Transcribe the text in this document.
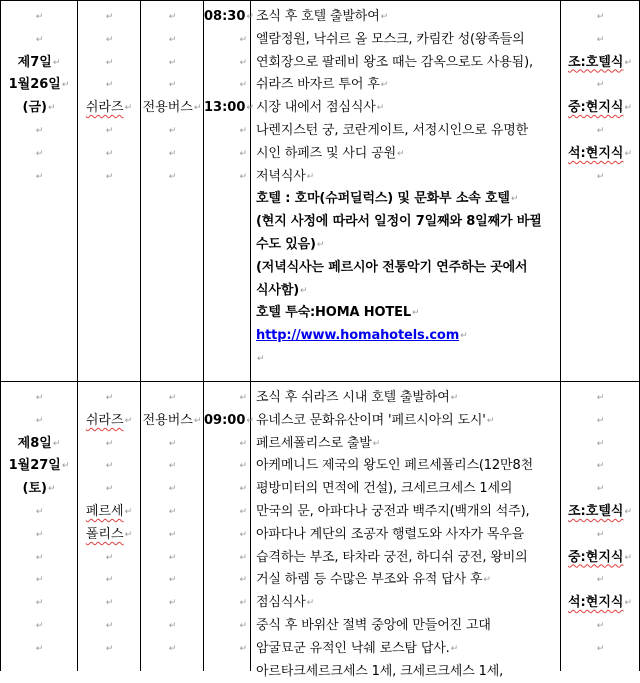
↵
↵
제7일↵
1월26일↵
(금)↵
↵
↵
↵
↵
↵
↵
↵
쉬라즈↵
↵
↵
↵
↵
↵
↵
↵
전용버스↵
↵
↵
↵
08:30↵
↵
↵
↵
13:00↵
↵
↵
↵
조식 후 호텔 출발하여↵
엘람정원, 낙쉬르 올 모스크, 카림칸 성(왕족들의
연회장으로 팔레비 왕조 때는 감옥으로도 사용됨),
쉬라즈 바자르 투어 후↵
시장 내에서 점심식사↵
나렌지스턴 궁, 코란게이트, 서정시인으로 유명한
시인 하페즈 및 사디 공원↵
저녁식사↵
호텔 : 호마(슈퍼딜럭스) 및 문화부 소속 호텔↵
(현지 사정에 따라서 일정이 7일째와 8일째가 바뀔
수도 있음)↵
(저녁식사는 페르시아 전통악기 연주하는 곳에서
식사함)↵
호텔 투숙:HOMA HOTEL↵
http://www.homahotels.com↵
↵
↵
↵
조:호텔식↵
↵
중:현지식↵
↵
석:현지식↵
↵
↵
↵
제8일↵
1월27일↵
(토)↵
↵
↵
↵
↵
↵
↵
↵
↵
쉬라즈↵
↵
↵
↵
페르세↵
폴리스↵
↵
↵
↵
↵
↵
↵
전용버스↵
↵
↵
↵
↵
↵
↵
↵
↵
↵
↵
↵
09:00↵
↵
↵
↵
↵
↵
↵
↵
↵
↵
↵
조식 후 쉬라즈 시내 호텔 출발하여↵
유네스코 문화유산이며 '페르시아의 도시'↵
페르세폴리스로 출발↵
아케메니드 제국의 왕도인 페르세폴리스(12만8천
평방미터의 면적에 건설), 크세르크세스 1세의
만국의 문, 아파다나 궁전과 백주지(백개의 석주),
아파다나 계단의 조공자 행렬도와 사자가 목우을
습격하는 부조, 타차라 궁전, 하디쉬 궁전, 왕비의
거실 하렘 등 수많은 부조와 유적 답사 후↵
점심식사↵
중식 후 바위산 절벽 중앙에 만들어진 고대
암굴묘군 유적인 낙쉐 로스탐 답사.↵
아르타크세르크세스 1세, 크세르크세스 1세,
↵
↵
↵
↵
↵
조:호텔식↵
↵
중:현지식↵
↵
석:현지식↵
↵
↵
